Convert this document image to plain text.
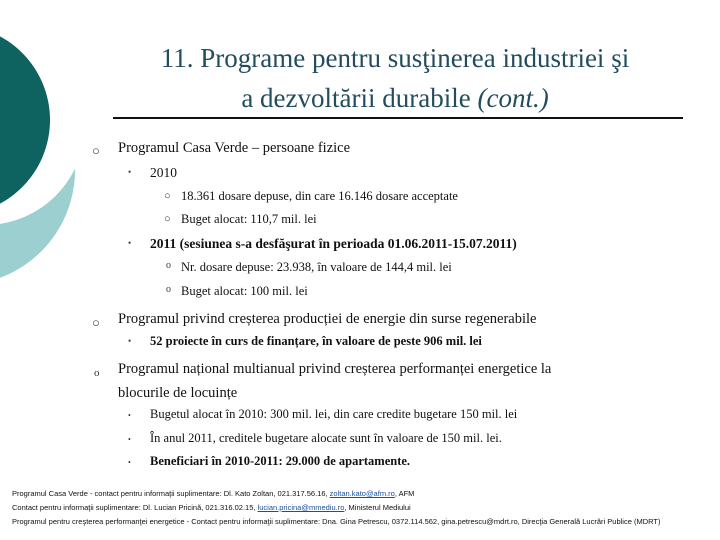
11. Programe pentru susţinerea industriei şi
a dezvoltării durabile (cont.)
○ Programul Casa Verde – persoane fizice
• 2010
○ 18.361 dosare depuse, din care 16.146 dosare acceptate
○ Buget alocat: 110,7 mil. lei
• 2011 (sesiunea s-a desfăşurat în perioada 01.06.2011-15.07.2011)
o Nr. dosare depuse: 23.938, în valoare de 144,4 mil. lei
o Buget alocat: 100 mil. lei
○ Programul privind creșterea producției de energie din surse regenerabile
• 52 proiecte în curs de finanțare, în valoare de peste 906 mil. lei
o Programul național multianual privind creșterea performanței energetice la
blocurile de locuințe
• Bugetul alocat în 2010: 300 mil. lei, din care credite bugetare 150 mil. lei
• În anul 2011, creditele bugetare alocate sunt în valoare de 150 mil. lei.
• Beneficiari în 2010-2011: 29.000 de apartamente.
Programul Casa Verde - contact pentru informaţii suplimentare: Dl. Kato Zoltan, 021.317.56.16, zoltan.kato@afm.ro, AFM
Contact pentru informaţii suplimentare: Dl. Lucian Pricină, 021.316.02.15, lucian.pricina@mmediu.ro, Ministerul Mediului
Programul pentru creşterea performanţei energetice - Contact pentru informaţii suplimentare: Dna. Gina Petrescu, 0372.114.562, gina.petrescu@mdrt.ro, Direcţia Generală Lucrări Publice (MDRT)
